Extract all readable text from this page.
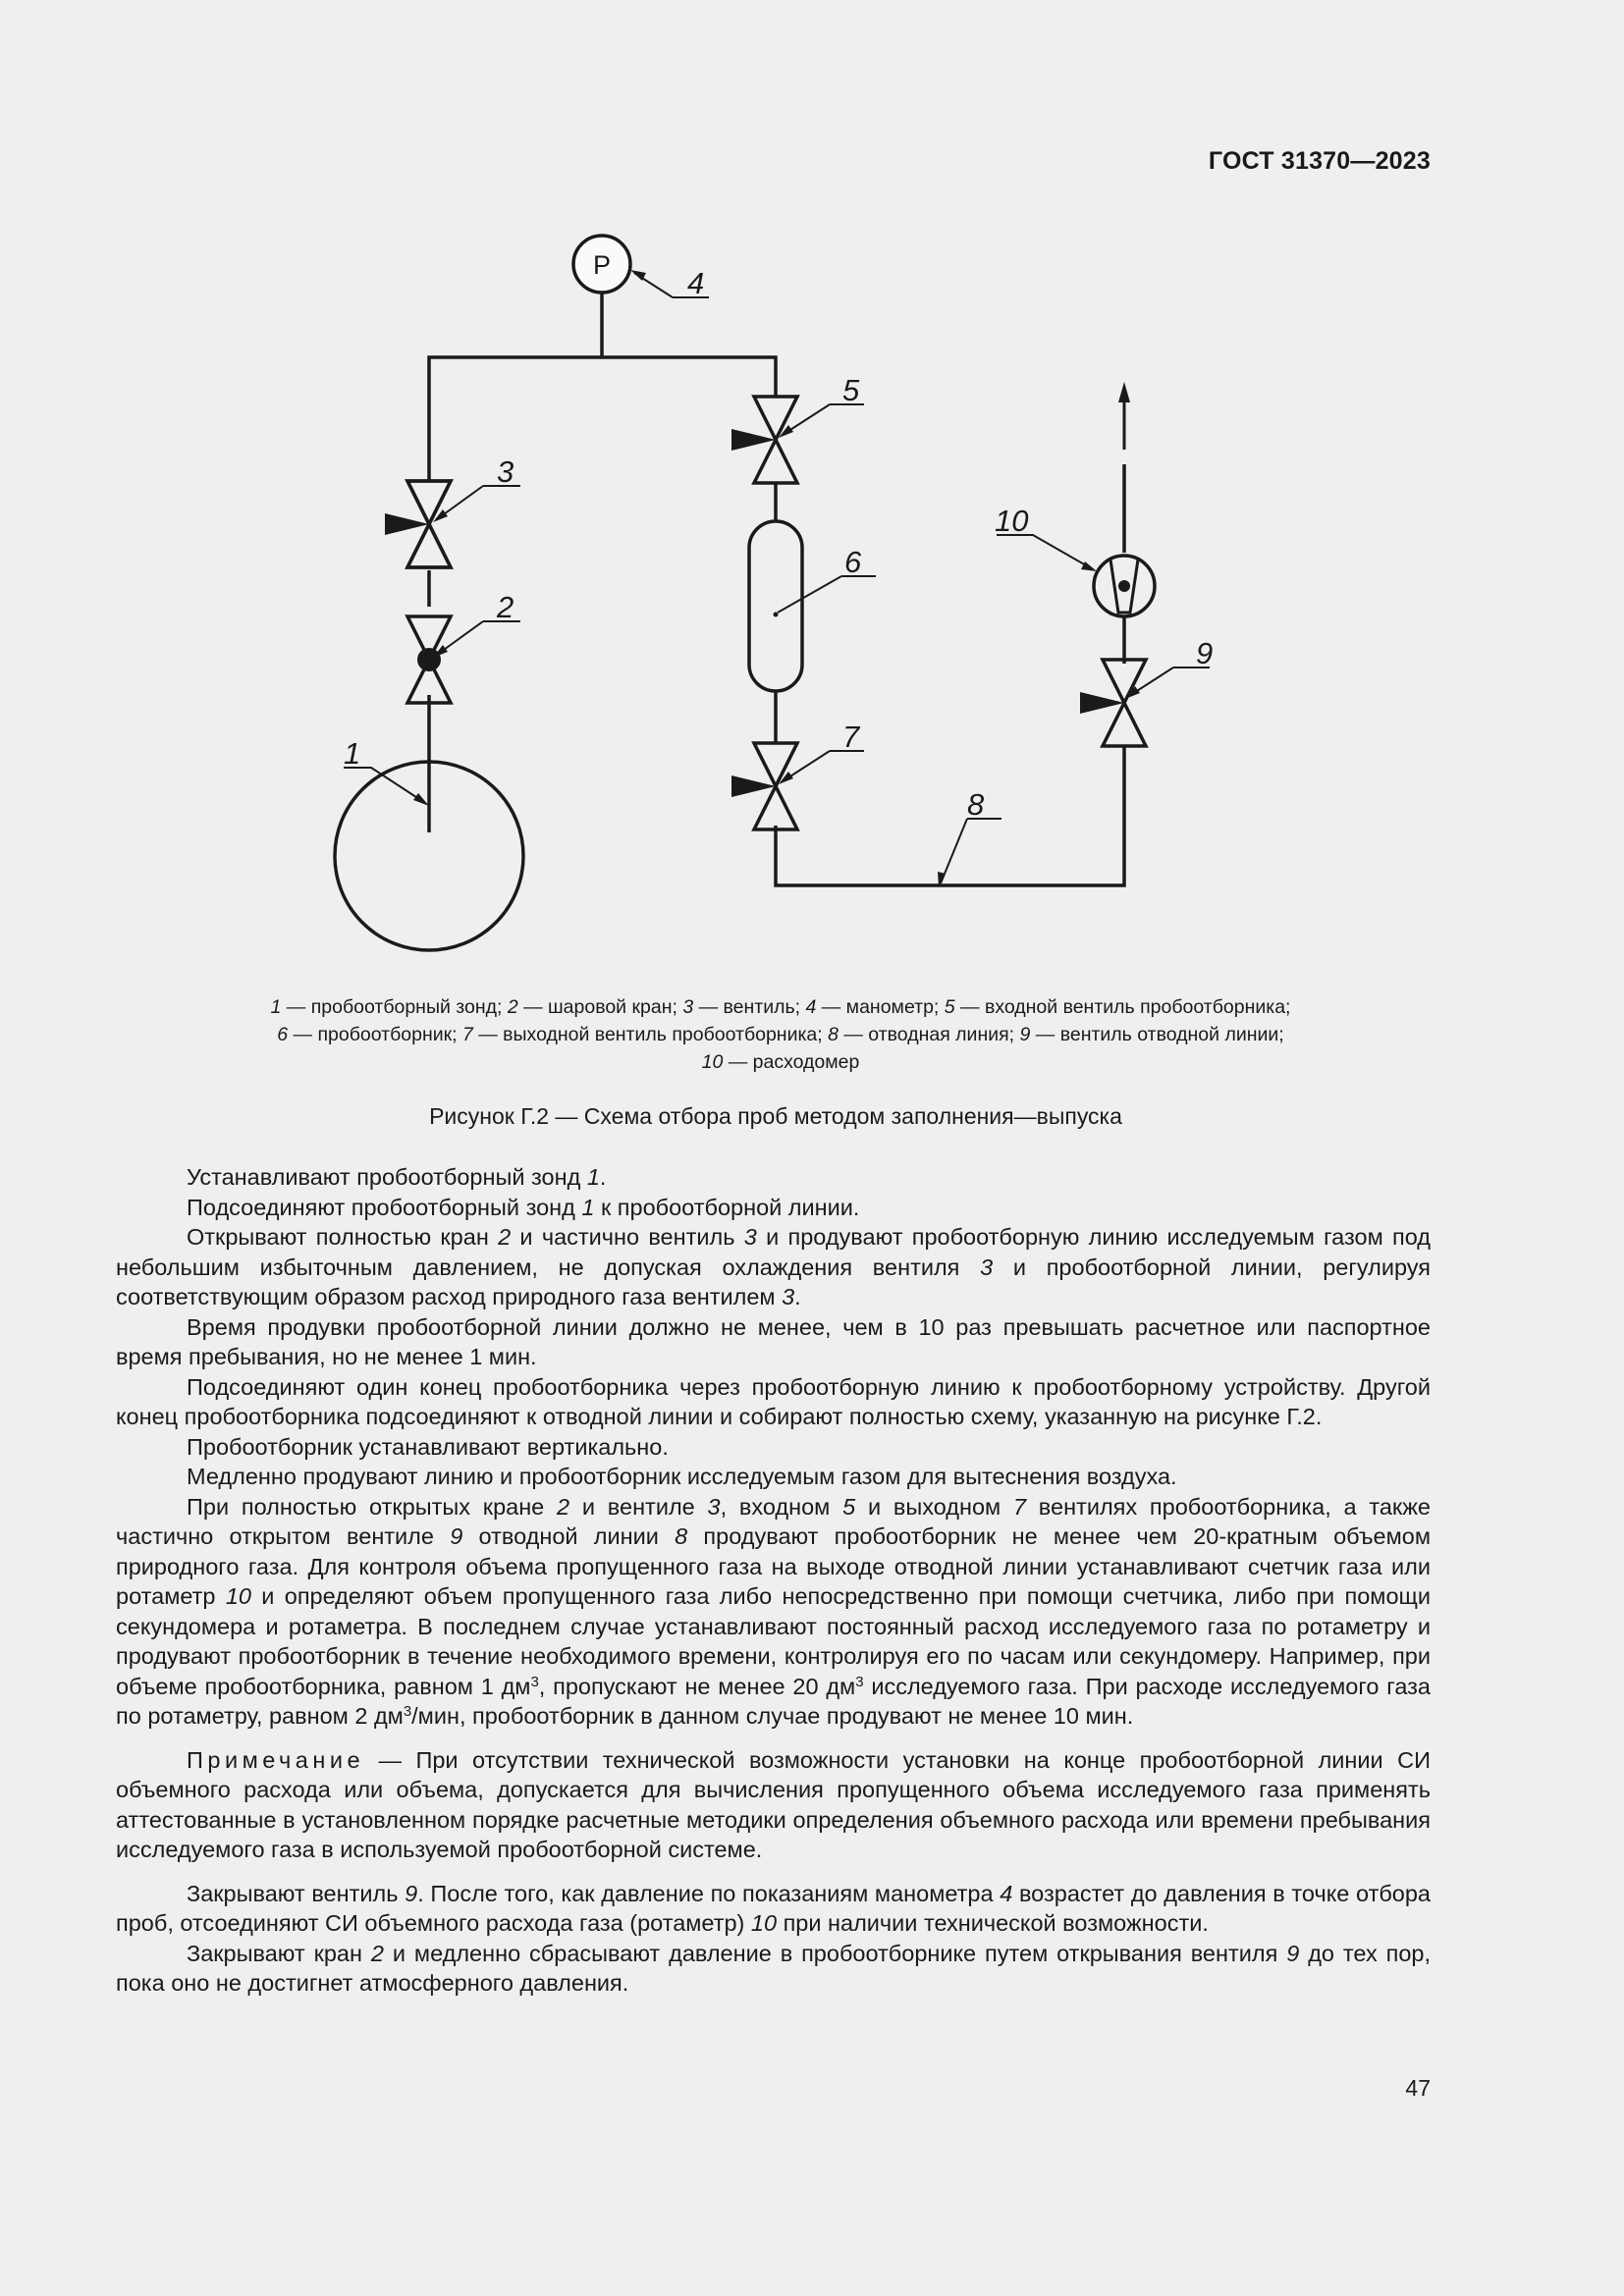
ГОСТ 31370—2023
P
1
2
3
4
5
6
7
8
9
10
1 — пробоотборный зонд; 2 — шаровой кран; 3 — вентиль; 4 — манометр; 5 — входной вентиль пробоотборника;
6 — пробоотборник; 7 — выходной вентиль пробоотборника; 8 — отводная линия; 9 — вентиль отводной линии;
10 — расходомер
Рисунок Г.2 — Схема отбора проб методом заполнения—выпуска

Устанавливают пробоотборный зонд 1.

Подсоединяют пробоотборный зонд 1 к пробоотборной линии.

Открывают полностью кран 2 и частично вентиль 3 и продувают пробоотборную линию исследуемым газом под небольшим избыточным давлением, не допуская охлаждения вентиля 3 и пробоотборной линии, регулируя соответствующим образом расход природного газа вентилем 3.

Время продувки пробоотборной линии должно не менее, чем в 10 раз превышать расчетное или паспортное время пребывания, но не менее 1 мин.

Подсоединяют один конец пробоотборника через пробоотборную линию к пробоотборному устройству. Другой конец пробоотборника подсоединяют к отводной линии и собирают полностью схему, указанную на рисунке Г.2.

Пробоотборник устанавливают вертикально.

Медленно продувают линию и пробоотборник исследуемым газом для вытеснения воздуха.

При полностью открытых кране 2 и вентиле 3, входном 5 и выходном 7 вентилях пробоотборника, а также частично открытом вентиле 9 отводной линии 8 продувают пробоотборник не менее чем 20-кратным объемом природного газа. Для контроля объема пропущенного газа на выходе отводной линии устанавливают счетчик газа или ротаметр 10 и определяют объем пропущенного газа либо непосредственно при помощи счетчика, либо при помощи секундомера и ротаметра. В последнем случае устанавливают постоянный расход исследуемого газа по ротаметру и продувают пробоотборник в течение необходимого времени, контролируя его по часам или секундомеру. Например, при объеме пробоотборника, равном 1 $дм^3$, пропускают не менее 20 $дм^3$ исследуемого газа. При расходе исследуемого газа по ротаметру, равном 2 $дм^3$/мин, пробоотборник в данном случае продувают не менее 10 мин.

Примечание — При отсутствии технической возможности установки на конце пробоотборной линии СИ объемного расхода или объема, допускается для вычисления пропущенного объема исследуемого газа применять аттестованные в установленном порядке расчетные методики определения объемного расхода или времени пребывания исследуемого газа в используемой пробоотборной системе.

Закрывают вентиль 9. После того, как давление по показаниям манометра 4 возрастет до давления в точке отбора проб, отсоединяют СИ объемного расхода газа (ротаметр) 10 при наличии технической возможности.

Закрывают кран 2 и медленно сбрасывают давление в пробоотборнике путем открывания вентиля 9 до тех пор, пока оно не достигнет атмосферного давления.

47
